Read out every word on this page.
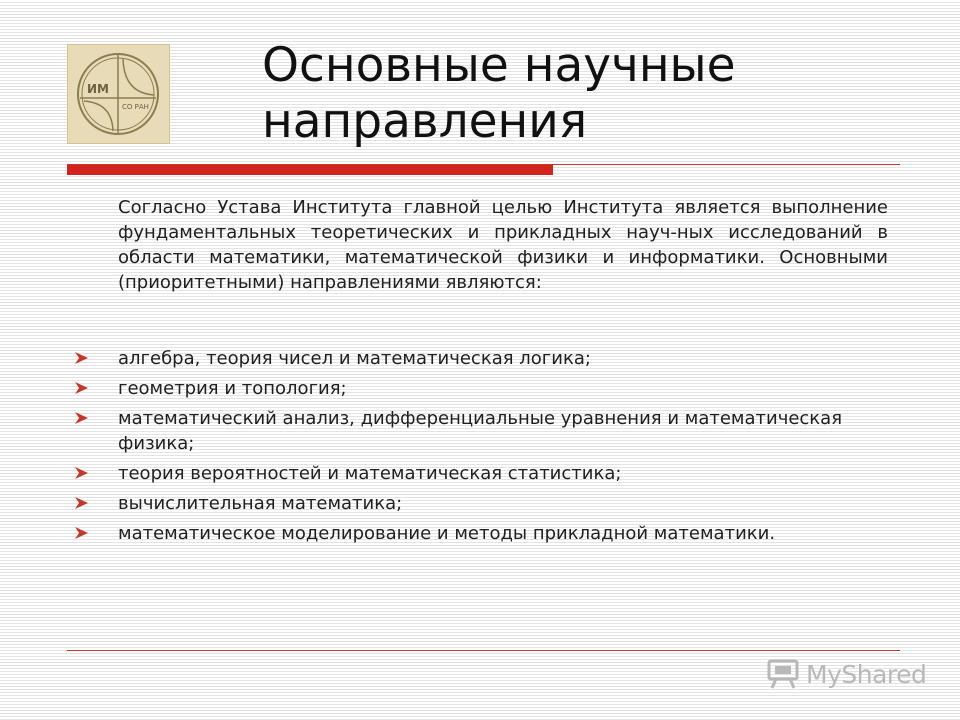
ИМ
СО РАН
Основные научные направления

Согласно Устава Института главной целью Института является выполнение фундаментальных теоретических и прикладных науч-ных исследований в области математики, математической физики и информатики. Основными (приоритетными) направлениями являются:

алгебра, теория чисел и математическая логика;
геометрия и топология;
математический анализ, дифференциальные уравнения и математическая физика;
теория вероятностей и математическая статистика;
вычислительная математика;
математическое моделирование и методы прикладной математики.
MyShared
